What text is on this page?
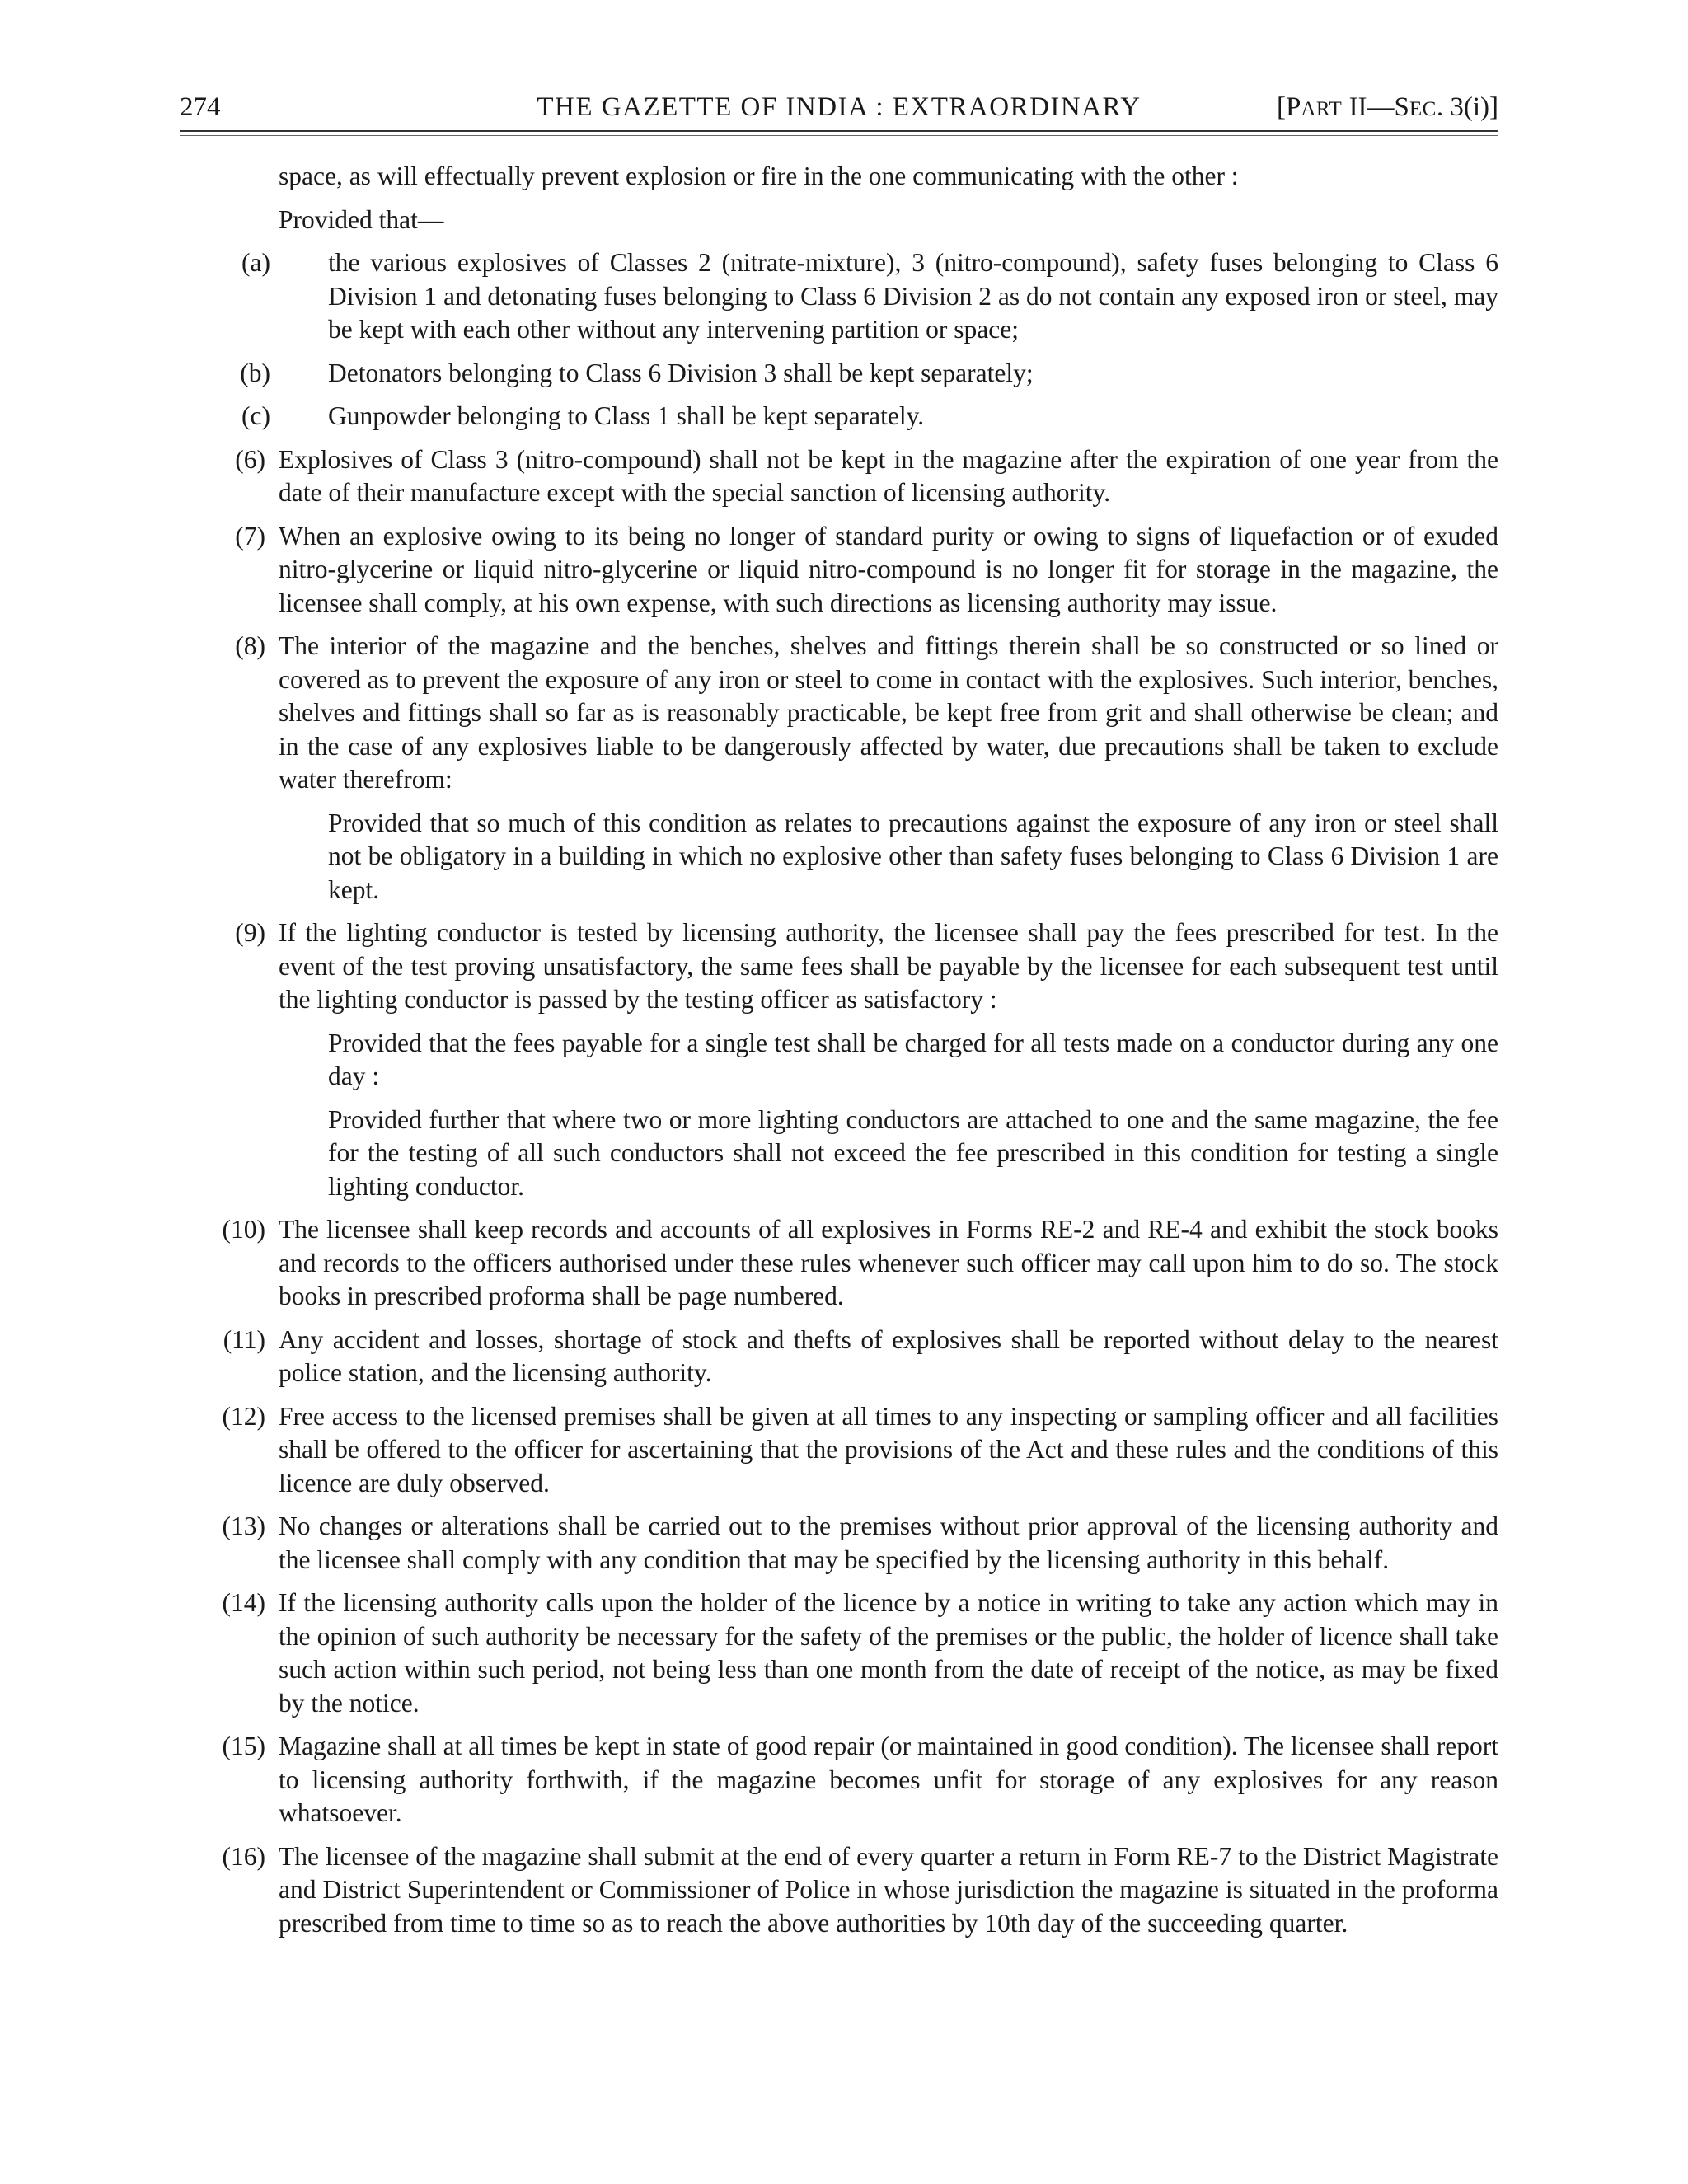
274	THE GAZETTE OF INDIA : EXTRAORDINARY	[PART II—SEC. 3(i)]

space, as will effectually prevent explosion or fire in the one communicating with the other :

Provided that—

(a) the various explosives of Classes 2 (nitrate-mixture), 3 (nitro-compound), safety fuses belonging to Class 6 Division 1 and detonating fuses belonging to Class 6 Division 2 as do not contain any exposed iron or steel, may be kept with each other without any intervening partition or space;
(b) Detonators belonging to Class 6 Division 3 shall be kept separately;
(c) Gunpowder belonging to Class 1 shall be kept separately.
(6) Explosives of Class 3 (nitro-compound) shall not be kept in the magazine after the expiration of one year from the date of their manufacture except with the special sanction of licensing authority.
(7) When an explosive owing to its being no longer of standard purity or owing to signs of liquefaction or of exuded nitro-glycerine or liquid nitro-glycerine or liquid nitro-compound is no longer fit for storage in the magazine, the licensee shall comply, at his own expense, with such directions as licensing authority may issue.
(8) The interior of the magazine and the benches, shelves and fittings therein shall be so constructed or so lined or covered as to prevent the exposure of any iron or steel to come in contact with the explosives. Such interior, benches, shelves and fittings shall so far as is reasonably practicable, be kept free from grit and shall otherwise be clean; and in the case of any explosives liable to be dangerously affected by water, due precautions shall be taken to exclude water therefrom:

Provided that so much of this condition as relates to precautions against the exposure of any iron or steel shall not be obligatory in a building in which no explosive other than safety fuses belonging to Class 6 Division 1 are kept.

(9) If the lighting conductor is tested by licensing authority, the licensee shall pay the fees prescribed for test. In the event of the test proving unsatisfactory, the same fees shall be payable by the licensee for each subsequent test until the lighting conductor is passed by the testing officer as satisfactory :

Provided that the fees payable for a single test shall be charged for all tests made on a conductor during any one day :

Provided further that where two or more lighting conductors are attached to one and the same magazine, the fee for the testing of all such conductors shall not exceed the fee prescribed in this condition for testing a single lighting conductor.

(10) The licensee shall keep records and accounts of all explosives in Forms RE-2 and RE-4 and exhibit the stock books and records to the officers authorised under these rules whenever such officer may call upon him to do so. The stock books in prescribed proforma shall be page numbered.
(11) Any accident and losses, shortage of stock and thefts of explosives shall be reported without delay to the nearest police station, and the licensing authority.
(12) Free access to the licensed premises shall be given at all times to any inspecting or sampling officer and all facilities shall be offered to the officer for ascertaining that the provisions of the Act and these rules and the conditions of this licence are duly observed.
(13) No changes or alterations shall be carried out to the premises without prior approval of the licensing authority and the licensee shall comply with any condition that may be specified by the licensing authority in this behalf.
(14) If the licensing authority calls upon the holder of the licence by a notice in writing to take any action which may in the opinion of such authority be necessary for the safety of the premises or the public, the holder of licence shall take such action within such period, not being less than one month from the date of receipt of the notice, as may be fixed by the notice.
(15) Magazine shall at all times be kept in state of good repair (or maintained in good condition). The licensee shall report to licensing authority forthwith, if the magazine becomes unfit for storage of any explosives for any reason whatsoever.
(16) The licensee of the magazine shall submit at the end of every quarter a return in Form RE-7 to the District Magistrate and District Superintendent or Commissioner of Police in whose jurisdiction the magazine is situated in the proforma prescribed from time to time so as to reach the above authorities by 10th day of the succeeding quarter.
